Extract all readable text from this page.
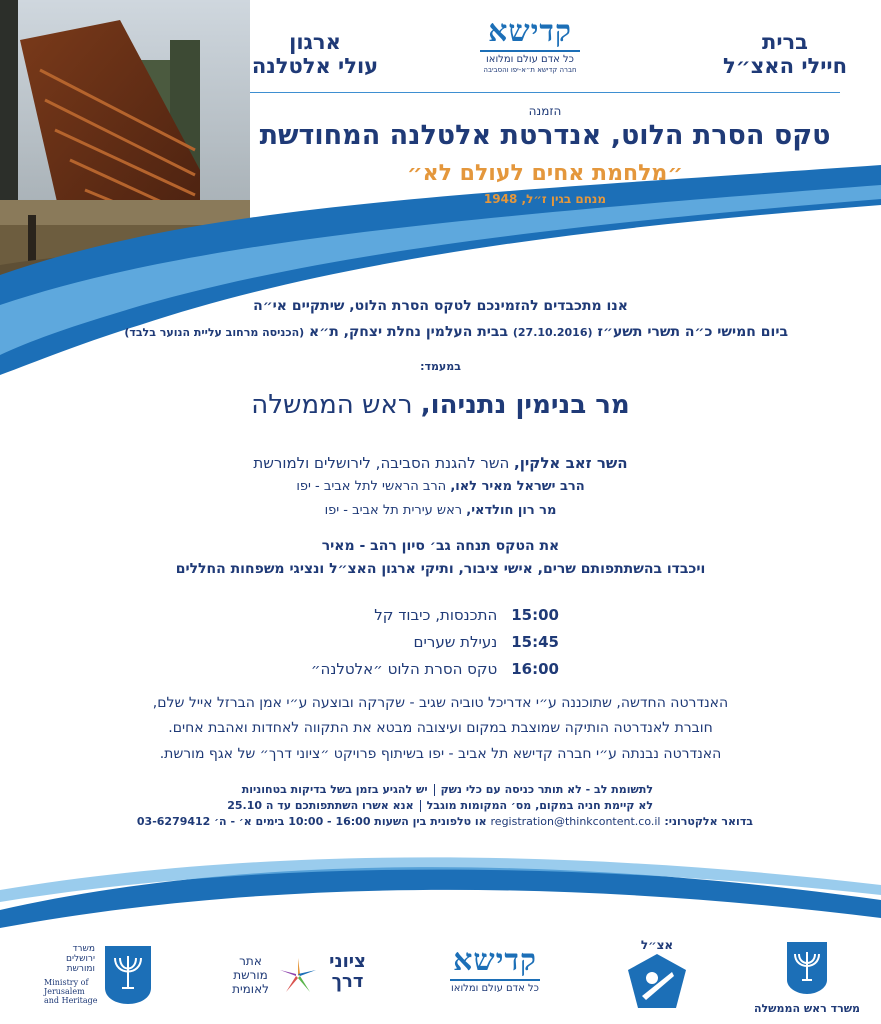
ברית
חיילי האצ״ל
ארגון
עולי אלטלנה
קדישא
כל אדם עולם ומלואו
חברה קדישא ת״א-יפו והסביבה
הזמנה
טקס הסרת הלוט, אנדרטת אלטלנה המחודשת
״מלחמת אחים לעולם לא״
מנחם בגין ז״ל, 1948
אנו מתכבדים להזמינכם לטקס הסרת הלוט, שיתקיים אי״ה
ביום חמישי כ״ה תשרי תשע״ז (27.10.2016) בבית העלמין נחלת יצחק, ת״א (הכניסה מרחוב עליית הנוער בלבד)
במעמד:
מר בנימין נתניהו, ראש הממשלה
השר זאב אלקין, השר להגנת הסביבה, לירושלים ולמורשת
הרב ישראל מאיר לאו, הרב הראשי לתל אביב - יפו
מר רון חולדאי, ראש עירית תל אביב - יפו
את הטקס תנחה גב׳ סיון רהב - מאיר
ויכבדו בהשתתפותם שרים, אישי ציבור, ותיקי ארגון האצ״ל ונציגי משפחות החללים
15:00התכנסות, כיבוד קל
15:45נעילת שערים
16:00טקס הסרת הלוט ״אלטלנה״
האנדרטה החדשה, שתוכננה ע״י אדריכל טוביה שגיב - שקרקה ובוצעה ע״י אמן הברזל אייל שלם,
חוברת לאנדרטה הותיקה שמוצבת במקום ועיצובה מבטא את התקווה לאחדות ואהבת אחים.
האנדרטה נבנתה ע״י חברה קדישא תל אביב - יפו בשיתוף פרויקט ״ציוני דרך״ של אגף מורשת.
לתשומת לב - לא תותר כניסה עם כלי נשקיש להגיע בזמן בשל בדיקות בטחוניות
לא קיימת חניה במקום, מס׳ המקומות מוגבלאנא אשרו השתתפותכם עד ה 25.10
בדואר אלקטרוני: registration@thinkcontent.co.il או טלפונית בין השעות 16:00 - 10:00 בימים א׳ - ה׳ 03-6279412
משרד ראש הממשלה
אצ״ל
קדישא
כל אדם עולם ומלואו
אתר
מורשת
לאומית
ציוני
דרך
משרד
ירושלים
ומורשת
Ministry of
Jerusalem
and Heritage
